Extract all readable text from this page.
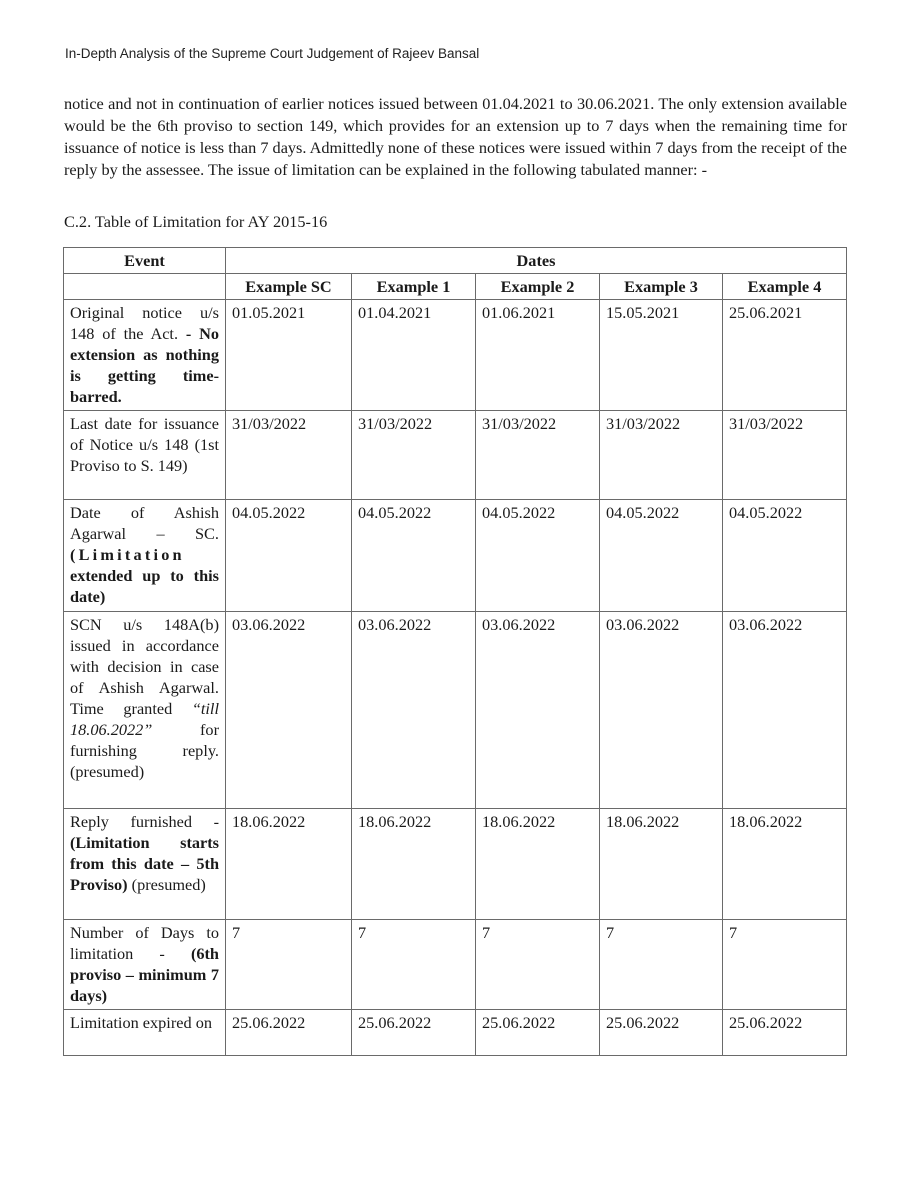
In-Depth Analysis of the Supreme Court Judgement of Rajeev Bansal

notice and not in continuation of earlier notices issued between 01.04.2021 to 30.06.2021. The only extension available would be the 6th proviso to section 149, which provides for an extension up to 7 days when the remaining time for issuance of notice is less than 7 days. Admittedly none of these notices were issued within 7 days from the receipt of the reply by the assessee. The issue of limitation can be explained in the following tabulated manner: -

C.2. Table of Limitation for AY 2015-16
Event	Dates				
	Example SC	Example 1	Example 2	Example 3	Example 4
Original notice u/s 148 of the Act. - No extension as nothing is getting time-barred.	01.05.2021	01.04.2021	01.06.2021	15.05.2021	25.06.2021
Last date for issuance of Notice u/s 148 (1st Proviso to S. 149)	31/03/2022	31/03/2022	31/03/2022	31/03/2022	31/03/2022
Date of Ashish Agarwal – SC. (Limitation extended up to this date)	04.05.2022	04.05.2022	04.05.2022	04.05.2022	04.05.2022
SCN u/s 148A(b) issued in accordance with decision in case of Ashish Agarwal. Time granted “till 18.06.2022” for furnishing reply. (presumed)	03.06.2022	03.06.2022	03.06.2022	03.06.2022	03.06.2022
Reply furnished - (Limitation starts from this date – 5th Proviso) (presumed)	18.06.2022	18.06.2022	18.06.2022	18.06.2022	18.06.2022
Number of Days to limitation - (6th proviso – minimum 7 days)	7	7	7	7	7
Limitation expired on	25.06.2022	25.06.2022	25.06.2022	25.06.2022	25.06.2022
